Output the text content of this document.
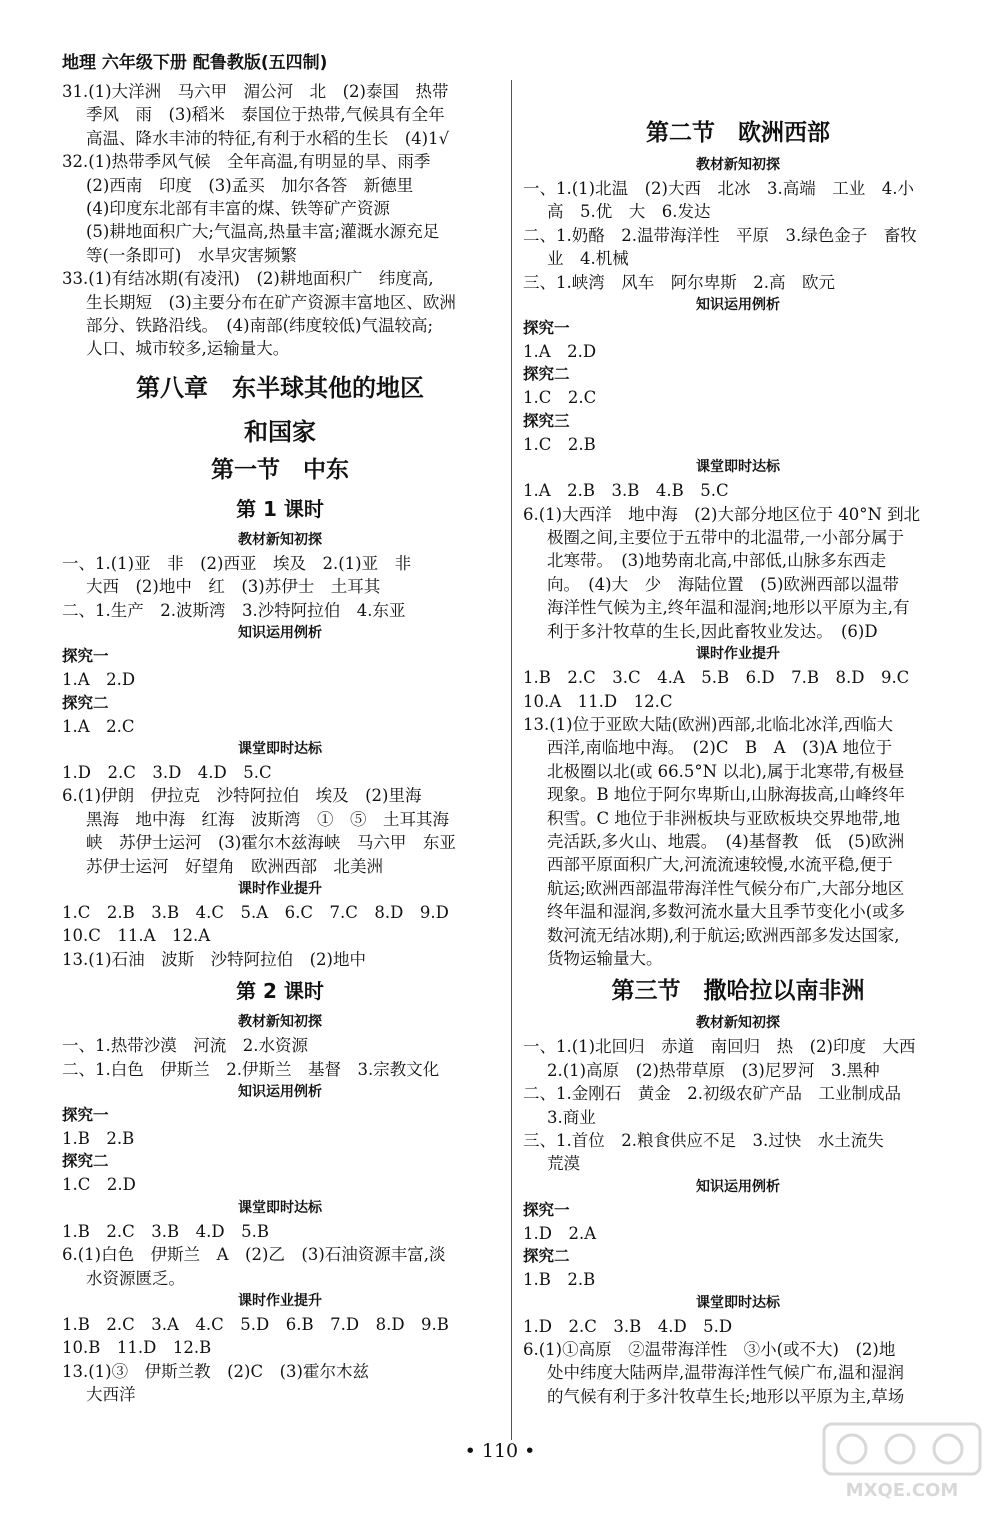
地理 六年级下册 配鲁教版(五四制)
31.(1)大洋洲　马六甲　湄公河　北　(2)泰国　热带
季风　雨　(3)稻米　泰国位于热带,气候具有全年
高温、降水丰沛的特征,有利于水稻的生长　(4)1√
32.(1)热带季风气候　全年高温,有明显的旱、雨季
(2)西南　印度　(3)孟买　加尔各答　新德里
(4)印度东北部有丰富的煤、铁等矿产资源
(5)耕地面积广大;气温高,热量丰富;灌溉水源充足
等(一条即可)　水旱灾害频繁
33.(1)有结冰期(有凌汛)　(2)耕地面积广　纬度高,
生长期短　(3)主要分布在矿产资源丰富地区、欧洲
部分、铁路沿线。　(4)南部(纬度较低)气温较高;
人口、城市较多,运输量大。
第八章　东半球其他的地区
和国家
第一节　中东
第 1 课时
教材新知初探
一、1.(1)亚　非　(2)西亚　埃及　2.(1)亚　非
大西　(2)地中　红　(3)苏伊士　土耳其
二、1.生产　2.波斯湾　3.沙特阿拉伯　4.东亚
知识运用例析
探究一
1.A　2.D
探究二
1.A　2.C
课堂即时达标
1.D　2.C　3.D　4.D　5.C
6.(1)伊朗　伊拉克　沙特阿拉伯　埃及　(2)里海
黑海　地中海　红海　波斯湾　①　⑤　土耳其海
峡　苏伊士运河　(3)霍尔木兹海峡　马六甲　东亚
苏伊士运河　好望角　欧洲西部　北美洲
课时作业提升
1.C　2.B　3.B　4.C　5.A　6.C　7.C　8.D　9.D
10.C　11.A　12.A
13.(1)石油　波斯　沙特阿拉伯　(2)地中
第 2 课时
教材新知初探
一、1.热带沙漠　河流　2.水资源
二、1.白色　伊斯兰　2.伊斯兰　基督　3.宗教文化
知识运用例析
探究一
1.B　2.B
探究二
1.C　2.D
课堂即时达标
1.B　2.C　3.B　4.D　5.B
6.(1)白色　伊斯兰　A　(2)乙　(3)石油资源丰富,淡
水资源匮乏。
课时作业提升
1.B　2.C　3.A　4.C　5.D　6.B　7.D　8.D　9.B
10.B　11.D　12.B
13.(1)③　伊斯兰教　(2)C　(3)霍尔木兹
大西洋
第二节　欧洲西部
教材新知初探
一、1.(1)北温　(2)大西　北冰　3.高端　工业　4.小
高　5.优　大　6.发达
二、1.奶酪　2.温带海洋性　平原　3.绿色金子　畜牧
业　4.机械
三、1.峡湾　风车　阿尔卑斯　2.高　欧元
知识运用例析
探究一
1.A　2.D
探究二
1.C　2.C
探究三
1.C　2.B
课堂即时达标
1.A　2.B　3.B　4.B　5.C
6.(1)大西洋　地中海　(2)大部分地区位于 40°N 到北
极圈之间,主要位于五带中的北温带,一小部分属于
北寒带。　(3)地势南北高,中部低,山脉多东西走
向。　(4)大　少　海陆位置　(5)欧洲西部以温带
海洋性气候为主,终年温和湿润;地形以平原为主,有
利于多汁牧草的生长,因此畜牧业发达。　(6)D
课时作业提升
1.B　2.C　3.C　4.A　5.B　6.D　7.B　8.D　9.C
10.A　11.D　12.C
13.(1)位于亚欧大陆(欧洲)西部,北临北冰洋,西临大
西洋,南临地中海。　(2)C　B　A　(3)A 地位于
北极圈以北(或 66.5°N 以北),属于北寒带,有极昼
现象。B 地位于阿尔卑斯山,山脉海拔高,山峰终年
积雪。C 地位于非洲板块与亚欧板块交界地带,地
壳活跃,多火山、地震。　(4)基督教　低　(5)欧洲
西部平原面积广大,河流流速较慢,水流平稳,便于
航运;欧洲西部温带海洋性气候分布广,大部分地区
终年温和湿润,多数河流水量大且季节变化小(或多
数河流无结冰期),利于航运;欧洲西部多发达国家,
货物运输量大。
第三节　撒哈拉以南非洲
教材新知初探
一、1.(1)北回归　赤道　南回归　热　(2)印度　大西
2.(1)高原　(2)热带草原　(3)尼罗河　3.黑种
二、1.金刚石　黄金　2.初级农矿产品　工业制成品
3.商业
三、1.首位　2.粮食供应不足　3.过快　水土流失
荒漠
知识运用例析
探究一
1.D　2.A
探究二
1.B　2.B
课堂即时达标
1.D　2.C　3.B　4.D　5.D
6.(1)①高原　②温带海洋性　③小(或不大)　(2)地
处中纬度大陆两岸,温带海洋性气候广布,温和湿润
的气候有利于多汁牧草生长;地形以平原为主,草场
• 110 •
MXQE.COM
